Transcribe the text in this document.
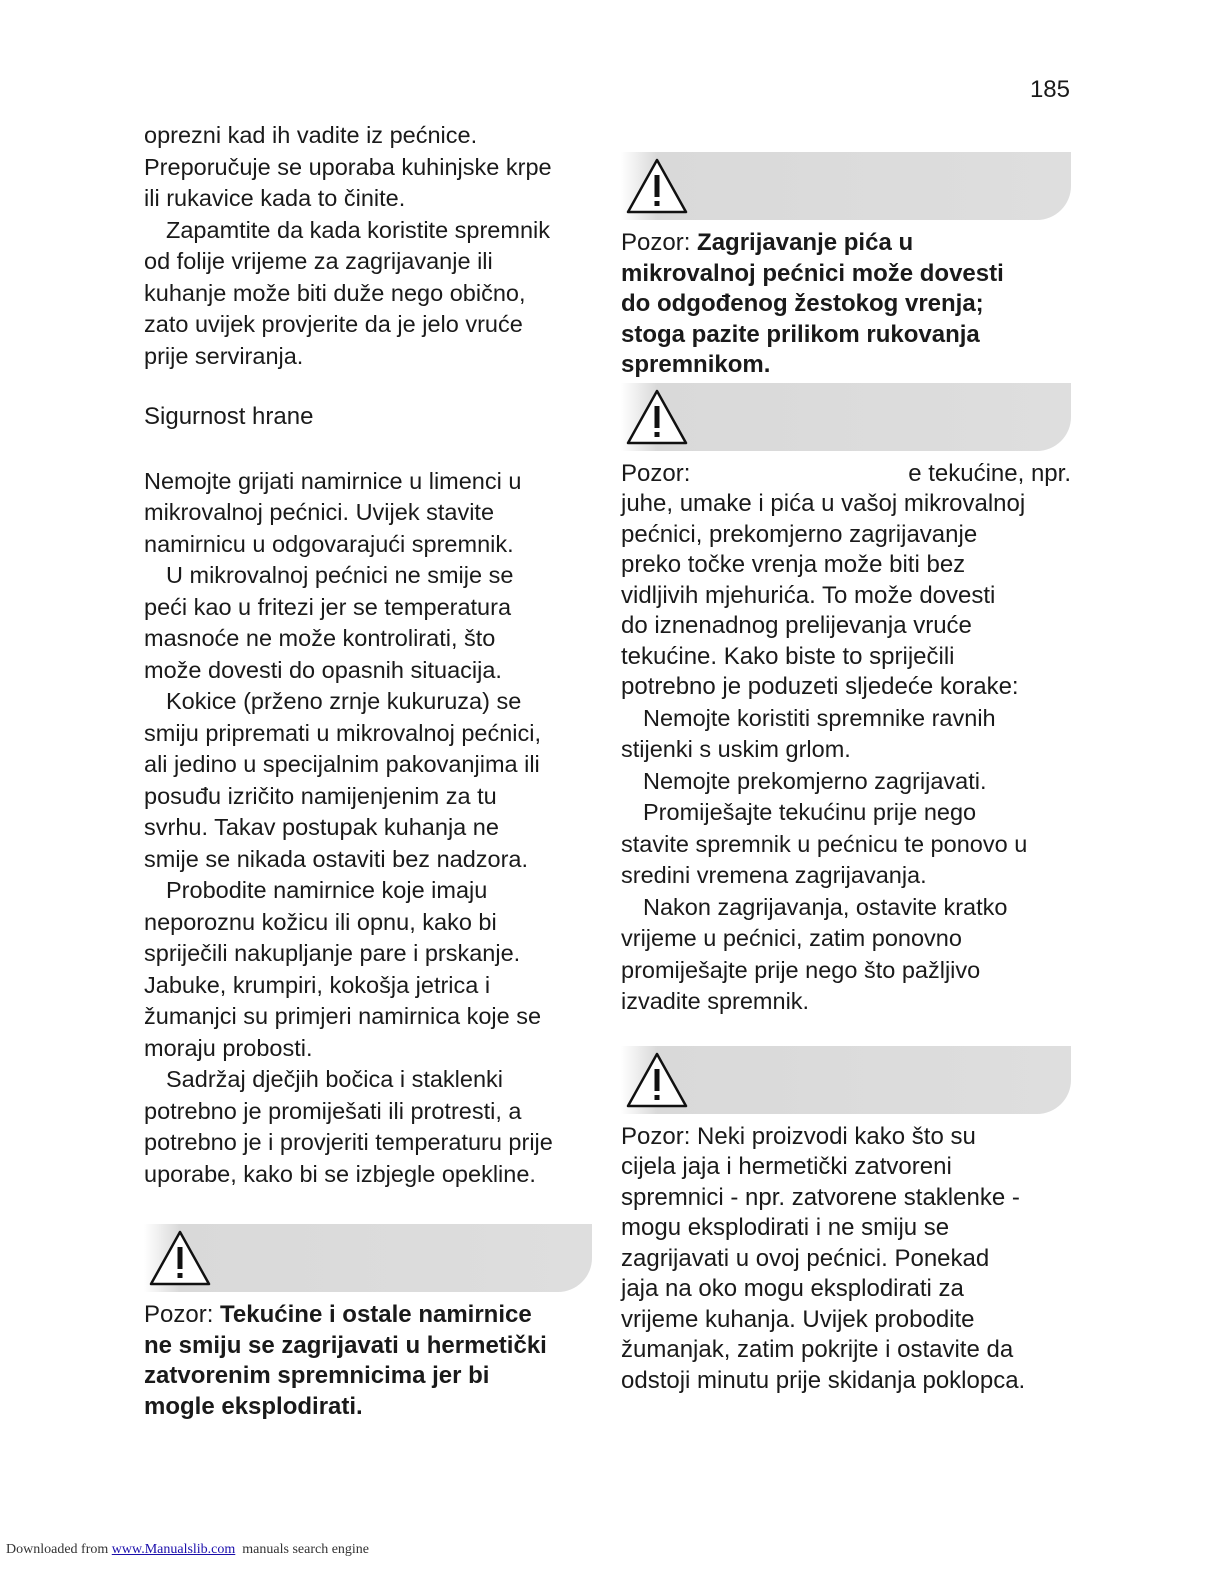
185
oprezni kad ih vadite iz pećnice.
Preporučuje se uporaba kuhinjske krpe
ili rukavice kada to činite.
Zapamtite da kada koristite spremnik
od folije vrijeme za zagrijavanje ili
kuhanje može biti duže nego obično,
zato uvijek provjerite da je jelo vruće
prije serviranja.
Sigurnost hrane
Nemojte grijati namirnice u limenci u
mikrovalnoj pećnici. Uvijek stavite
namirnicu u odgovarajući spremnik.
U mikrovalnoj pećnici ne smije se
peći kao u fritezi jer se temperatura
masnoće ne može kontrolirati, što
može dovesti do opasnih situacija.
Kokice (prženo zrnje kukuruza) se
smiju pripremati u mikrovalnoj pećnici,
ali jedino u specijalnim pakovanjima ili
posuđu izričito namijenjenim za tu
svrhu. Takav postupak kuhanja ne
smije se nikada ostaviti bez nadzora.
Probodite namirnice koje imaju
neporoznu kožicu ili opnu, kako bi
spriječili nakupljanje pare i prskanje.
Jabuke, krumpiri, kokošja jetrica i
žumanjci su primjeri namirnica koje se
moraju probosti.
Sadržaj dječjih bočica i staklenki
potrebno je promiješati ili protresti, a
potrebno je i provjeriti temperaturu prije
uporabe, kako bi se izbjegle opekline.
Pozor: Tekućine i ostale namirnice
ne smiju se zagrijavati u hermetički
zatvorenim spremnicima jer bi
mogle eksplodirati.
Pozor: Zagrijavanje pića u
mikrovalnoj pećnici može dovesti
do odgođenog žestokog vrenja;
stoga pazite prilikom rukovanja
spremnikom.
Pozor:	e tekućine, npr.
juhe, umake i pića u vašoj mikrovalnoj
pećnici, prekomjerno zagrijavanje
preko točke vrenja može biti bez
vidljivih mjehurića. To može dovesti
do iznenadnog prelijevanja vruće
tekućine. Kako biste to spriječili
potrebno je poduzeti sljedeće korake:
Nemojte koristiti spremnike ravnih
stijenki s uskim grlom.
Nemojte prekomjerno zagrijavati.
Promiješajte tekućinu prije nego
stavite spremnik u pećnicu te ponovo u
sredini vremena zagrijavanja.
Nakon zagrijavanja, ostavite kratko
vrijeme u pećnici, zatim ponovno
promiješajte prije nego što pažljivo
izvadite spremnik.
Pozor: Neki proizvodi kako što su
cijela jaja i hermetički zatvoreni
spremnici - npr. zatvorene staklenke -
mogu eksplodirati i ne smiju se
zagrijavati u ovoj pećnici. Ponekad
jaja na oko mogu eksplodirati za
vrijeme kuhanja. Uvijek probodite
žumanjak, zatim pokrijte i ostavite da
odstoji minutu prije skidanja poklopca.
Downloaded from www.Manualslib.com  manuals search engine
